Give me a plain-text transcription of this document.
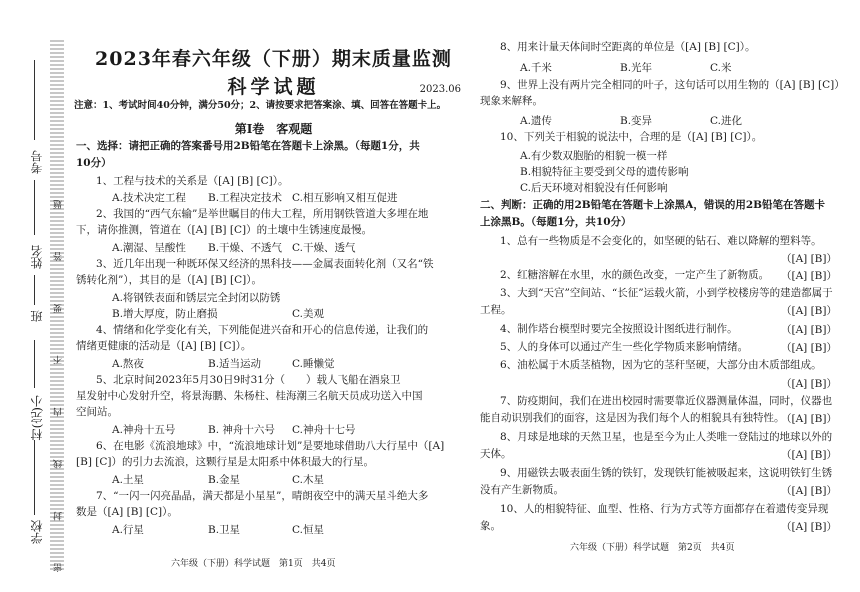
考号
姓名
班
村(完)小
学校 密 封 线 内 不 要 答 题
2023年春六年级（下册）期末质量监测
科学试题	2023.06
注意：1、考试时间40分钟，满分50分；2、请按要求把答案涂、填、回答在答题卡上。
第Ⅰ卷　客观题
一、选择：请把正确的答案番号用2B铅笔在答题卡上涂黑。（每题1分，共
10分）
1、工程与技术的关系是（[A] [B] [C]）。
A.技术决定工程 B.工程决定技术 C.相互影响又相互促进
2、我国的“西气东输”是举世瞩目的伟大工程，所用钢铁管道大多埋在地
下，请你推测，管道在（[A] [B] [C]）的土壤中生锈速度最慢。
A.潮湿、呈酸性 B.干燥、不透气 C.干燥、透气
3、近几年出现一种既环保又经济的黑科技——金属表面转化剂（又名“铁
锈转化剂”），其目的是（[A] [B] [C]）。
A.将钢铁表面和锈层完全封闭以防锈
B.增大厚度，防止磨损	C.美观
4、情绪和化学变化有关，下列能促进兴奋和开心的信息传递，让我们的
情绪更健康的活动是（[A] [B] [C]）。
A.熬夜	B.适当运动	C.睡懒觉
5、北京时间2023年5月30日9时31分（　　）载人飞船在酒泉卫
星发射中心发射升空，将景海鹏、朱杨柱、桂海潮三名航天员成功送入中国
空间站。
A.神舟十五号	B. 神舟十六号 C.神舟十七号
6、在电影《流浪地球》中，“流浪地球计划”是要地球借助八大行星中（[A]
[B] [C]）的引力去流浪，这颗行星是太阳系中体积最大的行星。
A.土星	B.金星	C.木星
7、“一闪一闪亮晶晶，满天都是小星星”，晴朗夜空中的满天星斗绝大多
数是（[A] [B] [C]）。
A.行星	B.卫星	C.恒星
六年级（下册）科学试题　第1页　共4页
8、用来计量天体间时空距离的单位是（[A] [B] [C]）。
A.千米	B.光年	C.米
9、世界上没有两片完全相同的叶子，这句话可以用生物的（[A] [B] [C]）
现象来解释。
A.遗传	B.变异	C.进化
10、下列关于相貌的说法中，合理的是（[A] [B] [C]）。
A.有少数双胞胎的相貌一模一样
B.相貌特征主要受到父母的遗传影响
C.后天环境对相貌没有任何影响
二、判断：正确的用2B铅笔在答题卡上涂黑A，错误的用2B铅笔在答题卡
上涂黑B。（每题1分，共10分）
1、总有一些物质是不会变化的，如坚硬的钻石、难以降解的塑料等。
（[A] [B]）
2、红糖溶解在水里，水的颜色改变，一定产生了新物质。 （[A] [B]）
3、大到“天宫”空间站、“长征”运载火箭，小到学校楼房等的建造都属于
工程。	（[A] [B]）
4、制作塔台模型时要完全按照设计图纸进行制作。	（[A] [B]）
5、人的身体可以通过产生一些化学物质来影响情绪。	（[A] [B]）
6、油松属于木质茎植物，因为它的茎秆坚硬，大部分由木质部组成。
（[A] [B]）
7、防疫期间，我们在进出校园时需要靠近仪器测量体温，同时，仪器也
能自动识别我们的面容，这是因为我们每个人的相貌具有独特性。
（[A] [B]）
8、月球是地球的天然卫星，也是至今为止人类唯一登陆过的地球以外的
天体。	（[A] [B]）
9、用磁铁去吸表面生锈的铁钉，发现铁钉能被吸起来，这说明铁钉生锈
没有产生新物质。	（[A] [B]）
10、人的相貌特征、血型、性格、行为方式等方面都存在着遗传变异现
象。	（[A] [B]）
六年级（下册）科学试题　第2页　共4页
